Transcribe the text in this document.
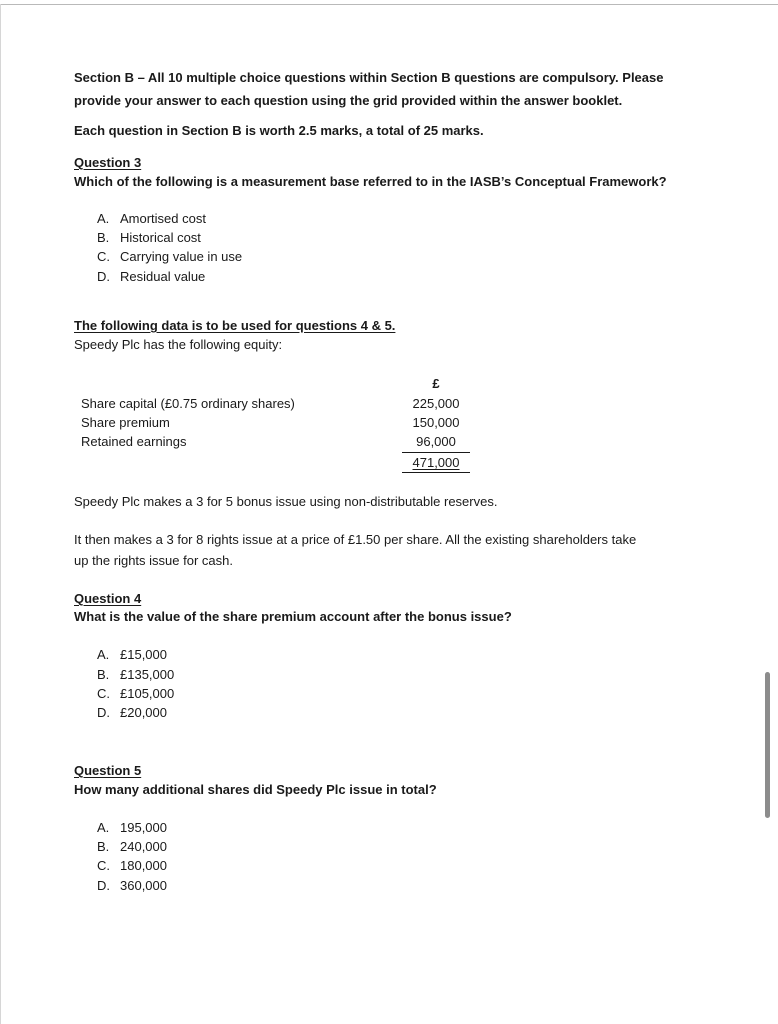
Section B – All 10 multiple choice questions within Section B questions are compulsory. Please
provide your answer to each question using the grid provided within the answer booklet.
Each question in Section B is worth 2.5 marks, a total of 25 marks.
Question 3
Which of the following is a measurement base referred to in the IASB’s Conceptual Framework?
A. Amortised cost
B. Historical cost
C. Carrying value in use
D. Residual value
The following data is to be used for questions 4 & 5.
Speedy Plc has the following equity:
£
Share capital (£0.75 ordinary shares)	225,000
Share premium	150,000
Retained earnings	96,000
471,000
Speedy Plc makes a 3 for 5 bonus issue using non-distributable reserves.
It then makes a 3 for 8 rights issue at a price of £1.50 per share. All the existing shareholders take
up the rights issue for cash.
Question 4
What is the value of the share premium account after the bonus issue?
A. £15,000
B. £135,000
C. £105,000
D. £20,000
Question 5
How many additional shares did Speedy Plc issue in total?
A. 195,000
B. 240,000
C. 180,000
D. 360,000
